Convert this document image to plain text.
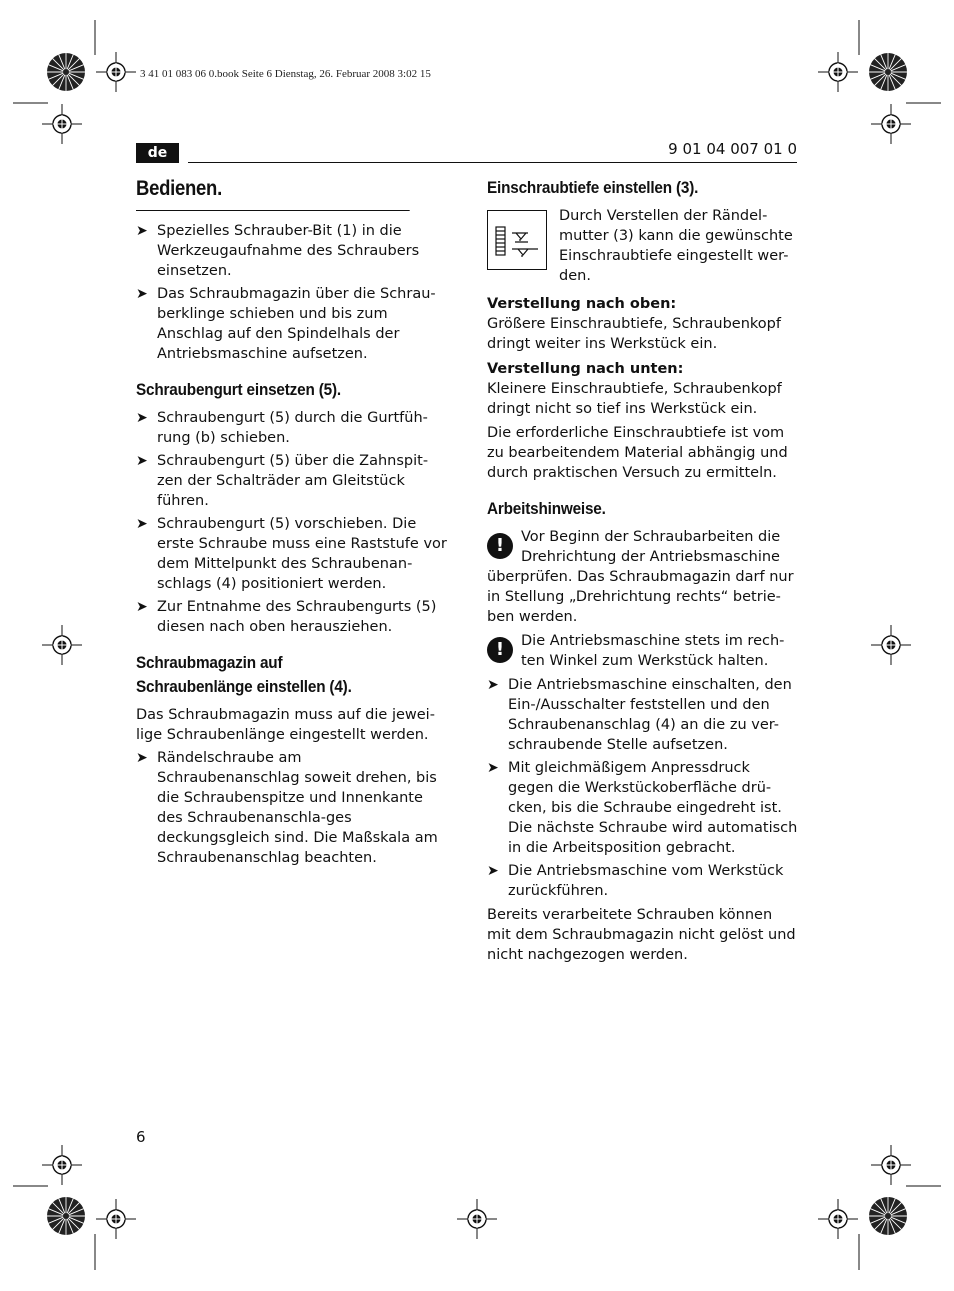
3 41 01 083 06 0.book Seite 6 Dienstag, 26. Februar 2008 3:02 15
de	9 01 04 007 01 0
Bedienen.
➤ Spezielles Schrauber-Bit (1) in die Werkzeugaufnahme des Schraubers einsetzen.
➤ Das Schraubmagazin über die Schrau-berklinge schieben und bis zum Anschlag auf den Spindelhals der Antriebsmaschine aufsetzen.
Schraubengurt einsetzen (5).
➤ Schraubengurt (5) durch die Gurtfüh-rung (b) schieben.
➤ Schraubengurt (5) über die Zahnspit-zen der Schalträder am Gleitstück führen.
➤ Schraubengurt (5) vorschieben. Die erste Schraube muss eine Raststufe vor dem Mittelpunkt des Schraubenan-schlags (4) positioniert werden.
➤ Zur Entnahme des Schraubengurts (5) diesen nach oben herausziehen.
Schraubmagazin auf
Schraubenlänge einstellen (4).

Das Schraubmagazin muss auf die jewei-lige Schraubenlänge eingestellt werden.

➤ Rändelschraube am Schraubenanschlag soweit drehen, bis die Schraubenspitze und Innenkante des Schraubenanschla-ges deckungsgleich sind. Die Maßskala am Schraubenanschlag beachten.
Einschraubtiefe einstellen (3).

Durch Verstellen der Rändel-mutter (3) kann die gewünschte Einschraubtiefe eingestellt wer-den.

Verstellung nach oben:

Größere Einschraubtiefe, Schraubenkopf dringt weiter ins Werkstück ein.

Verstellung nach unten:

Kleinere Einschraubtiefe, Schraubenkopf dringt nicht so tief ins Werkstück ein.

Die erforderliche Einschraubtiefe ist vom zu bearbeitendem Material abhängig und durch praktischen Versuch zu ermitteln.

Arbeitshinweise.
!	Vor Beginn der Schraubarbeiten die Drehrichtung der Antriebsmaschine überprüfen. Das Schraubmagazin darf nur in Stellung „Drehrichtung rechts“ betrie-ben werden.
!	Die Antriebsmaschine stets im rech-ten Winkel zum Werkstück halten.
➤ Die Antriebsmaschine einschalten, den Ein-/Ausschalter feststellen und den Schraubenanschlag (4) an die zu ver-schraubende Stelle aufsetzen.
➤ Mit gleichmäßigem Anpressdruck gegen die Werkstückoberfläche drü-cken, bis die Schraube eingedreht ist. Die nächste Schraube wird automatisch in die Arbeitsposition gebracht.
➤ Die Antriebsmaschine vom Werkstück zurückführen.

Bereits verarbeitete Schrauben können mit dem Schraubmagazin nicht gelöst und nicht nachgezogen werden.

6
